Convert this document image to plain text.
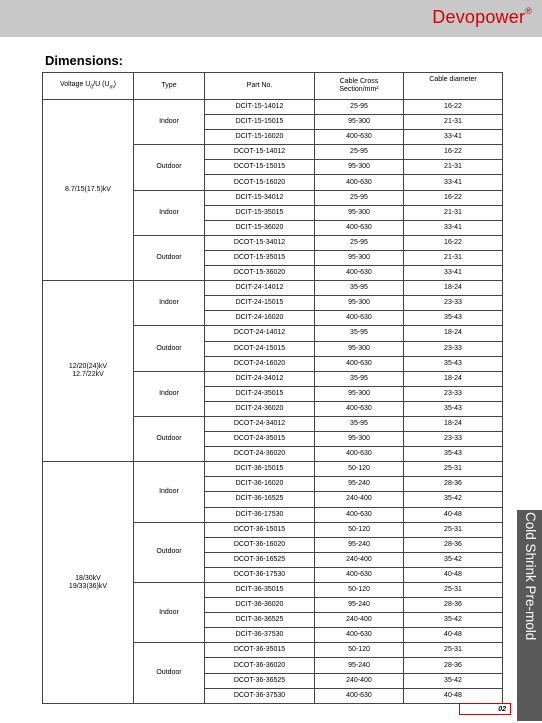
Devopower®
Dimensions:
Voltage $U_0/U$ $(U_m)$	Type	Part No.	Cable Cross
Section/mm²	Cable diameter
8.7/15(17.5)kV	Indoor	DCIT-15-14012	25-95	16-22
		DCIT-15-15015	95-300	21-31
		DCIT-15-16020	400-630	33-41
	Outdoor	DCOT-15-14012	25-95	16-22
		DCOT-15-15015	95-300	21-31
		DCOT-15-16020	400-630	33-41
	Indoor	DCIT-15-34012	25-95	16-22
		DCIT-15-35015	95-300	21-31
		DCIT-15-36020	400-630	33-41
	Outdoor	DCOT-15-34012	25-95	16-22
		DCOT-15-35015	95-300	21-31
		DCOT-15-36020	400-630	33-41
12/20(24)kV
12.7/22kV	Indoor	DCIT-24-14012	35-95	18-24
		DCIT-24-15015	95-300	23-33
		DCIT-24-16020	400-630	35-43
	Outdoor	DCOT-24-14012	35-95	18-24
		DCOT-24-15015	95-300	23-33
		DCOT-24-16020	400-630	35-43
	Indoor	DCIT-24-34012	35-95	18-24
		DCIT-24-35015	95-300	23-33
		DCIT-24-36020	400-630	35-43
	Outdoor	DCOT-24-34012	35-95	18-24
		DCOT-24-35015	95-300	23-33
		DCOT-24-36020	400-630	35-43
18/30kV
19/33(36)kV	Indoor	DCIT-36-15015	50-120	25-31
		DCIT-36-16020	95-240	28-36
		DCIT-36-16525	240-400	35-42
		DCIT-36-17530	400-630	40-48
	Outdoor	DCOT-36-15015	50-120	25-31
		DCOT-36-16020	95-240	28-36
		DCOT-36-16525	240-400	35-42
		DCOT-36-17530	400-630	40-48
	Indoor	DCIT-36-35015	50-120	25-31
		DCIT-36-36020	95-240	28-36
		DCIT-36-36525	240-400	35-42
		DCIT-36-37530	400-630	40-48
	Outdoor	DCOT-36-35015	50-120	25-31
		DCOT-36-36020	95-240	28-36
		DCOT-36-36525	240-400	35-42
		DCOT-36-37530	400-630	40-48
Cold Shrink Pre-mold
02
